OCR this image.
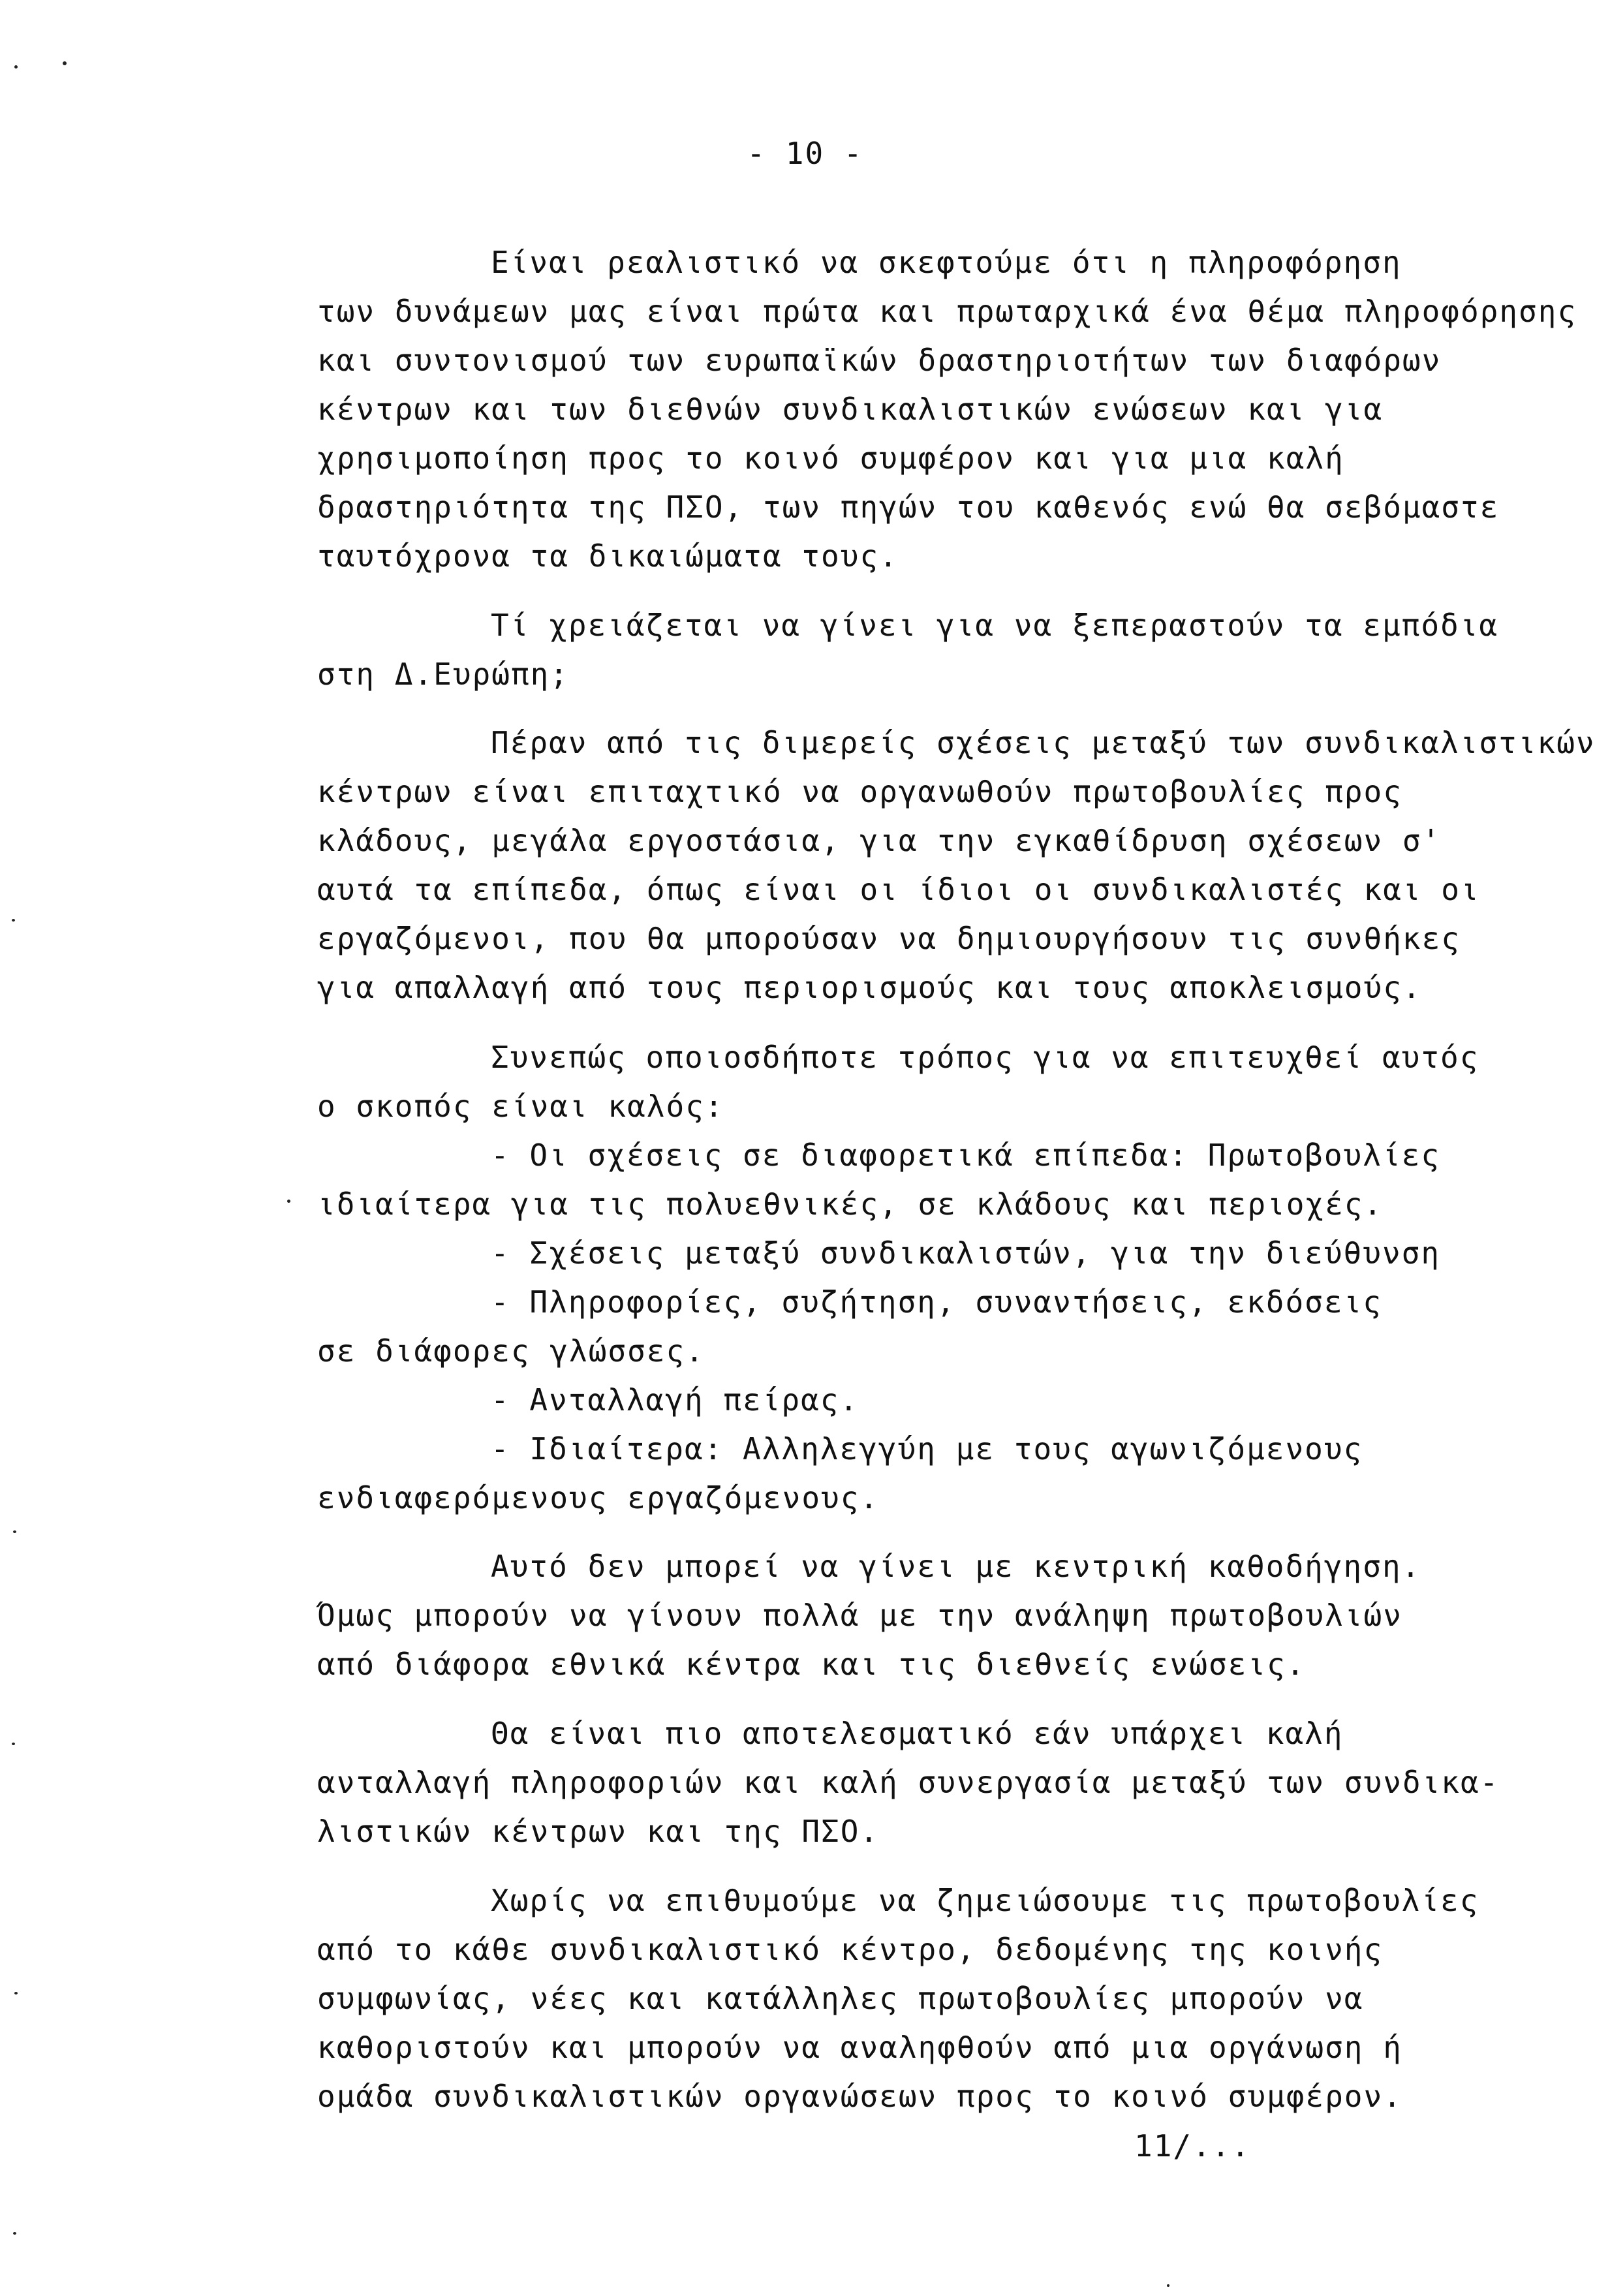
- 10 -
Είναι ρεαλιστικό να σκεφτούμε ότι η πληροφόρηση
των δυνάμεων μας είναι πρώτα και πρωταρχικά ένα θέμα πληροφόρησης
και συντονισμού των ευρωπαϊκών δραστηριοτήτων των διαφόρων
κέντρων και των διεθνών συνδικαλιστικών ενώσεων και για
χρησιμοποίηση προς το κοινό συμφέρον και για μια καλή
δραστηριότητα της ΠΣΟ, των πηγών του καθενός ενώ θα σεβόμαστε
ταυτόχρονα τα δικαιώματα τους.
Τί χρειάζεται να γίνει για να ξεπεραστούν τα εμπόδια
στη Δ.Ευρώπη;
Πέραν από τις διμερείς σχέσεις μεταξύ των συνδικαλιστικών
κέντρων είναι επιταχτικό να οργανωθούν πρωτοβουλίες προς
κλάδους, μεγάλα εργοστάσια, για την εγκαθίδρυση σχέσεων σ'
αυτά τα επίπεδα, όπως είναι οι ίδιοι οι συνδικαλιστές και οι
εργαζόμενοι, που θα μπορούσαν να δημιουργήσουν τις συνθήκες
για απαλλαγή από τους περιορισμούς και τους αποκλεισμούς.
Συνεπώς οποιοσδήποτε τρόπος για να επιτευχθεί αυτός
ο σκοπός είναι καλός:
- Οι σχέσεις σε διαφορετικά επίπεδα: Πρωτοβουλίες
ιδιαίτερα για τις πολυεθνικές, σε κλάδους και περιοχές.
- Σχέσεις μεταξύ συνδικαλιστών, για την διεύθυνση
- Πληροφορίες, συζήτηση, συναντήσεις, εκδόσεις
σε διάφορες γλώσσες.
- Ανταλλαγή πείρας.
- Ιδιαίτερα: Αλληλεγγύη με τους αγωνιζόμενους
ενδιαφερόμενους εργαζόμενους.
Αυτό δεν μπορεί να γίνει με κεντρική καθοδήγηση.
Όμως μπορούν να γίνουν πολλά με την ανάληψη πρωτοβουλιών
από διάφορα εθνικά κέντρα και τις διεθνείς ενώσεις.
Θα είναι πιο αποτελεσματικό εάν υπάρχει καλή
ανταλλαγή πληροφοριών και καλή συνεργασία μεταξύ των συνδικα-
λιστικών κέντρων και της ΠΣΟ.
Χωρίς να επιθυμούμε να ζημειώσουμε τις πρωτοβουλίες
από το κάθε συνδικαλιστικό κέντρο, δεδομένης της κοινής
συμφωνίας, νέες και κατάλληλες πρωτοβουλίες μπορούν να
καθοριστούν και μπορούν να αναληφθούν από μια οργάνωση ή
ομάδα συνδικαλιστικών οργανώσεων προς το κοινό συμφέρον.
11/...
